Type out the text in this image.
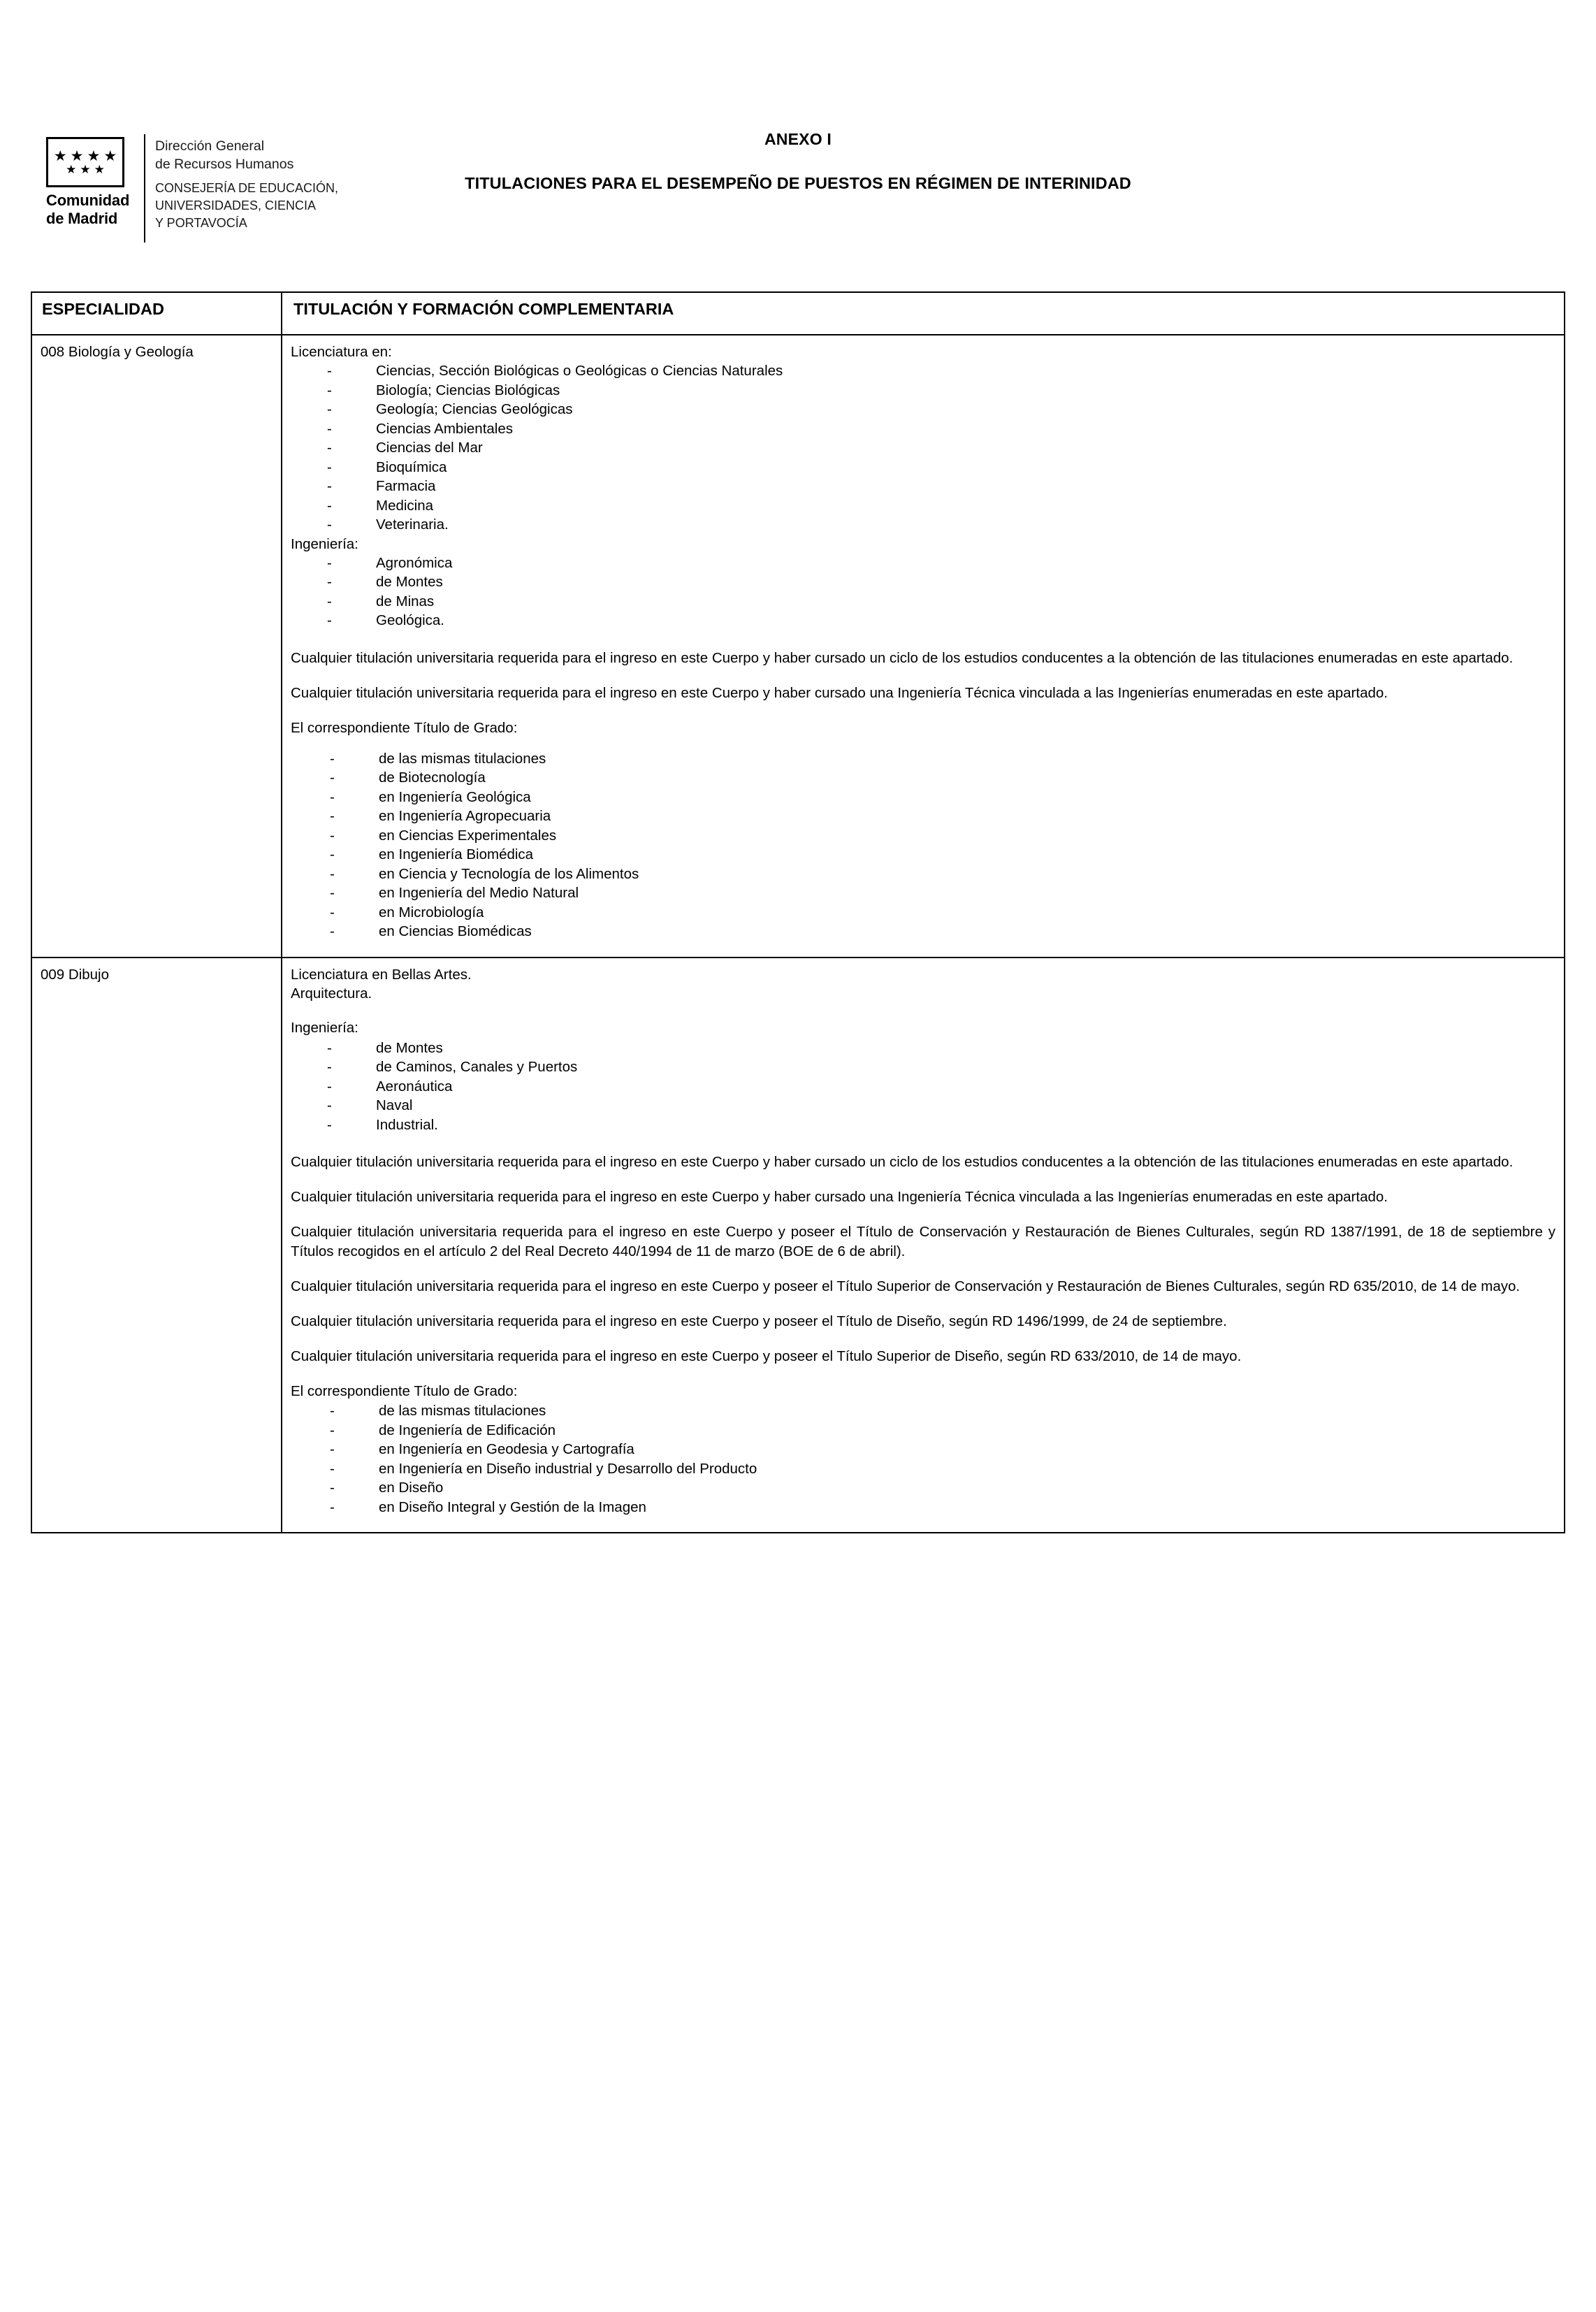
★ ★ ★ ★
★ ★ ★
Comunidad
de Madrid
Dirección General
de Recursos Humanos
CONSEJERÍA DE EDUCACIÓN,
UNIVERSIDADES, CIENCIA
Y PORTAVOCÍA
ANEXO I
TITULACIONES PARA EL DESEMPEÑO DE PUESTOS EN RÉGIMEN DE INTERINIDAD
ESPECIALIDAD	TITULACIÓN Y FORMACIÓN COMPLEMENTARIA
008 Biología y Geología	Licenciatura en:

- Ciencias, Sección Biológicas o Geológicas o Ciencias Naturales
- Biología; Ciencias Biológicas
- Geología; Ciencias Geológicas
- Ciencias Ambientales
- Ciencias del Mar
- Bioquímica
- Farmacia
- Medicina
- Veterinaria.

Ingeniería:

- Agronómica
- de Montes
- de Minas
- Geológica.

Cualquier titulación universitaria requerida para el ingreso en este Cuerpo y haber cursado un ciclo de los estudios conducentes a la obtención de las titulaciones enumeradas en este apartado.

Cualquier titulación universitaria requerida para el ingreso en este Cuerpo y haber cursado una Ingeniería Técnica vinculada a las Ingenierías enumeradas en este apartado.

El correspondiente Título de Grado:

- de las mismas titulaciones
- de Biotecnología
- en Ingeniería Geológica
- en Ingeniería Agropecuaria
- en Ciencias Experimentales
- en Ingeniería Biomédica
- en Ciencia y Tecnología de los Alimentos
- en Ingeniería del Medio Natural
- en Microbiología
- en Ciencias Biomédicas

009 Dibujo	Licenciatura en Bellas Artes.

Arquitectura.

Ingeniería:

- de Montes
- de Caminos, Canales y Puertos
- Aeronáutica
- Naval
- Industrial.

Cualquier titulación universitaria requerida para el ingreso en este Cuerpo y haber cursado un ciclo de los estudios conducentes a la obtención de las titulaciones enumeradas en este apartado.

Cualquier titulación universitaria requerida para el ingreso en este Cuerpo y haber cursado una Ingeniería Técnica vinculada a las Ingenierías enumeradas en este apartado.

Cualquier titulación universitaria requerida para el ingreso en este Cuerpo y poseer el Título de Conservación y Restauración de Bienes Culturales, según RD 1387/1991, de 18 de septiembre y Títulos recogidos en el artículo 2 del Real Decreto 440/1994 de 11 de marzo (BOE de 6 de abril).

Cualquier titulación universitaria requerida para el ingreso en este Cuerpo y poseer el Título Superior de Conservación y Restauración de Bienes Culturales, según RD 635/2010, de 14 de mayo.

Cualquier titulación universitaria requerida para el ingreso en este Cuerpo y poseer el Título de Diseño, según RD 1496/1999, de 24 de septiembre.

Cualquier titulación universitaria requerida para el ingreso en este Cuerpo y poseer el Título Superior de Diseño, según RD 633/2010, de 14 de mayo.

El correspondiente Título de Grado:

- de las mismas titulaciones
- de Ingeniería de Edificación
- en Ingeniería en Geodesia y Cartografía
- en Ingeniería en Diseño industrial y Desarrollo del Producto
- en Diseño
- en Diseño Integral y Gestión de la Imagen
